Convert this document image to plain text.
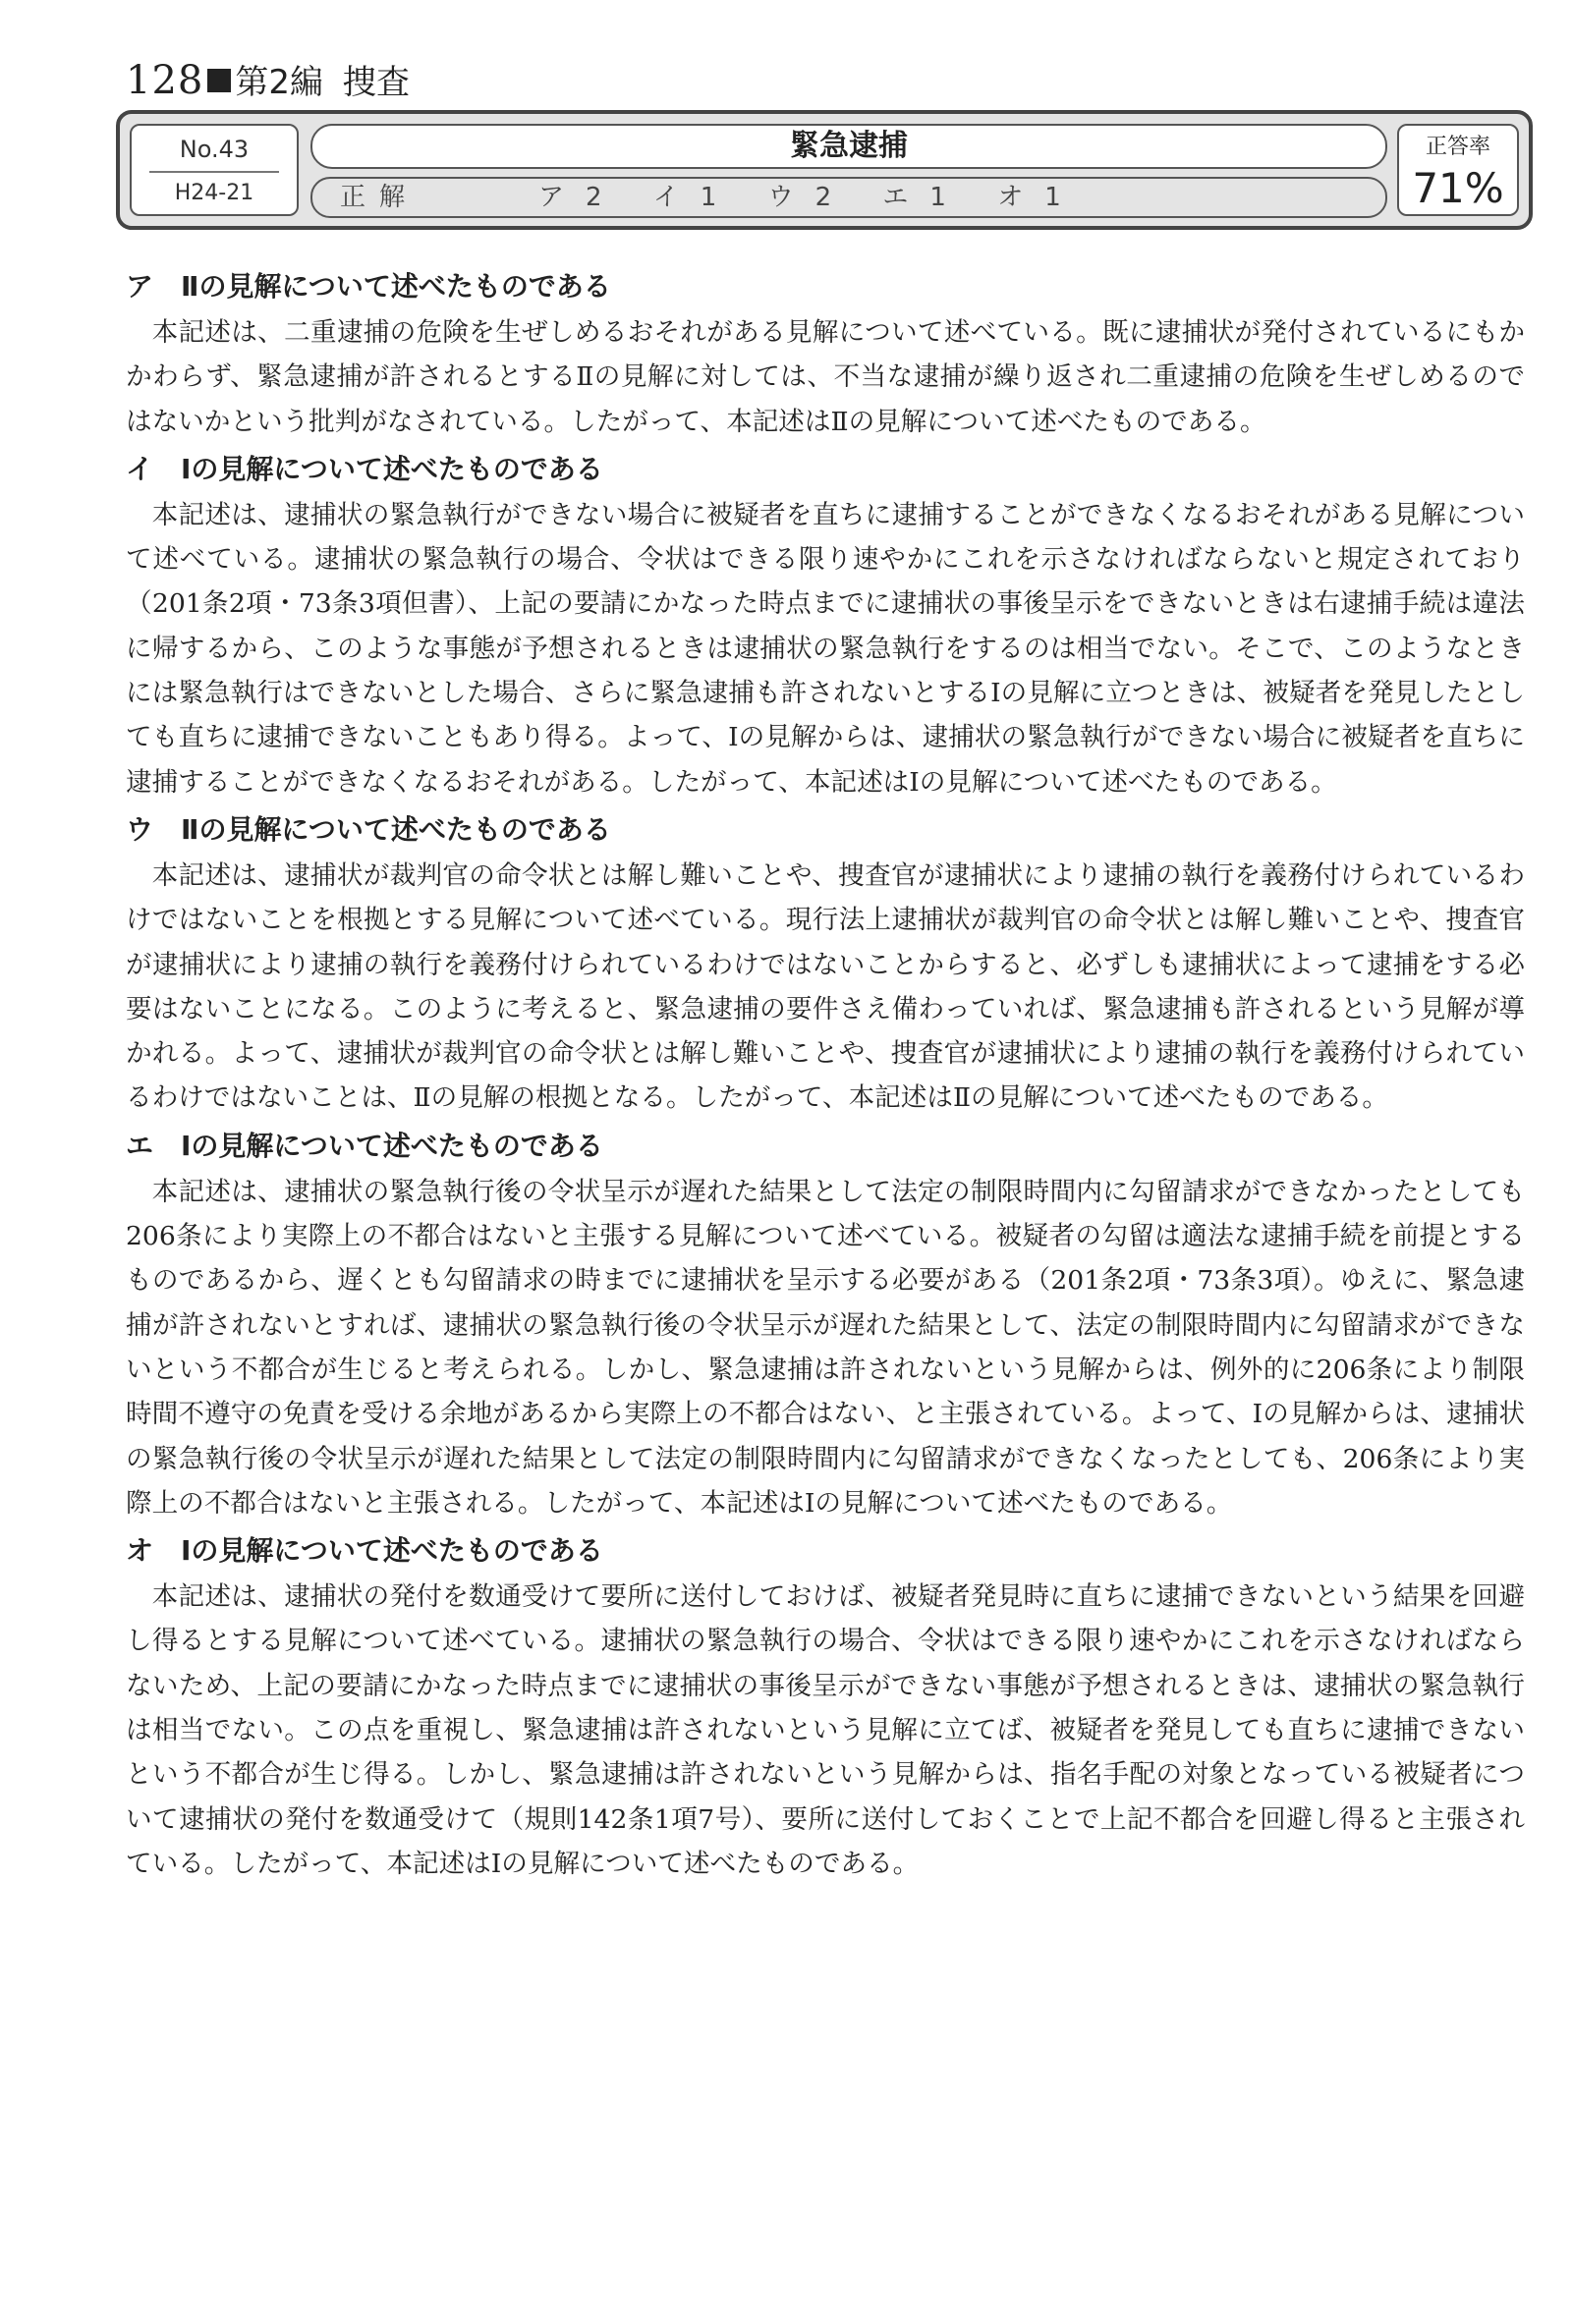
128 第2編 捜査
No.43
H24-21
緊急逮捕
正解	ア2 イ1 ウ2 エ1 オ1
正答率
71%
ア Ⅱの見解について述べたものである

本記述は、二重逮捕の危険を生ぜしめるおそれがある見解について述べている。既に逮捕状が発付されているにもかかわらず、緊急逮捕が許されるとするⅡの見解に対しては、不当な逮捕が繰り返され二重逮捕の危険を生ぜしめるのではないかという批判がなされている。したがって、本記述はⅡの見解について述べたものである。

イ Ⅰの見解について述べたものである

本記述は、逮捕状の緊急執行ができない場合に被疑者を直ちに逮捕することができなくなるおそれがある見解について述べている。逮捕状の緊急執行の場合、令状はできる限り速やかにこれを示さなければならないと規定されており（201条2項・73条3項但書）、上記の要請にかなった時点までに逮捕状の事後呈示をできないときは右逮捕手続は違法に帰するから、このような事態が予想されるときは逮捕状の緊急執行をするのは相当でない。そこで、このようなときには緊急執行はできないとした場合、さらに緊急逮捕も許されないとするⅠの見解に立つときは、被疑者を発見したとしても直ちに逮捕できないこともあり得る。よって、Ⅰの見解からは、逮捕状の緊急執行ができない場合に被疑者を直ちに逮捕することができなくなるおそれがある。したがって、本記述はⅠの見解について述べたものである。

ウ Ⅱの見解について述べたものである

本記述は、逮捕状が裁判官の命令状とは解し難いことや、捜査官が逮捕状により逮捕の執行を義務付けられているわけではないことを根拠とする見解について述べている。現行法上逮捕状が裁判官の命令状とは解し難いことや、捜査官が逮捕状により逮捕の執行を義務付けられているわけではないことからすると、必ずしも逮捕状によって逮捕をする必要はないことになる。このように考えると、緊急逮捕の要件さえ備わっていれば、緊急逮捕も許されるという見解が導かれる。よって、逮捕状が裁判官の命令状とは解し難いことや、捜査官が逮捕状により逮捕の執行を義務付けられているわけではないことは、Ⅱの見解の根拠となる。したがって、本記述はⅡの見解について述べたものである。

エ Ⅰの見解について述べたものである

本記述は、逮捕状の緊急執行後の令状呈示が遅れた結果として法定の制限時間内に勾留請求ができなかったとしても206条により実際上の不都合はないと主張する見解について述べている。被疑者の勾留は適法な逮捕手続を前提とするものであるから、遅くとも勾留請求の時までに逮捕状を呈示する必要がある（201条2項・73条3項）。ゆえに、緊急逮捕が許されないとすれば、逮捕状の緊急執行後の令状呈示が遅れた結果として、法定の制限時間内に勾留請求ができないという不都合が生じると考えられる。しかし、緊急逮捕は許されないという見解からは、例外的に206条により制限時間不遵守の免責を受ける余地があるから実際上の不都合はない、と主張されている。よって、Ⅰの見解からは、逮捕状の緊急執行後の令状呈示が遅れた結果として法定の制限時間内に勾留請求ができなくなったとしても、206条により実際上の不都合はないと主張される。したがって、本記述はⅠの見解について述べたものである。

オ Ⅰの見解について述べたものである

本記述は、逮捕状の発付を数通受けて要所に送付しておけば、被疑者発見時に直ちに逮捕できないという結果を回避し得るとする見解について述べている。逮捕状の緊急執行の場合、令状はできる限り速やかにこれを示さなければならないため、上記の要請にかなった時点までに逮捕状の事後呈示ができない事態が予想されるときは、逮捕状の緊急執行は相当でない。この点を重視し、緊急逮捕は許されないという見解に立てば、被疑者を発見しても直ちに逮捕できないという不都合が生じ得る。しかし、緊急逮捕は許されないという見解からは、指名手配の対象となっている被疑者について逮捕状の発付を数通受けて（規則142条1項7号）、要所に送付しておくことで上記不都合を回避し得ると主張されている。したがって、本記述はⅠの見解について述べたものである。
